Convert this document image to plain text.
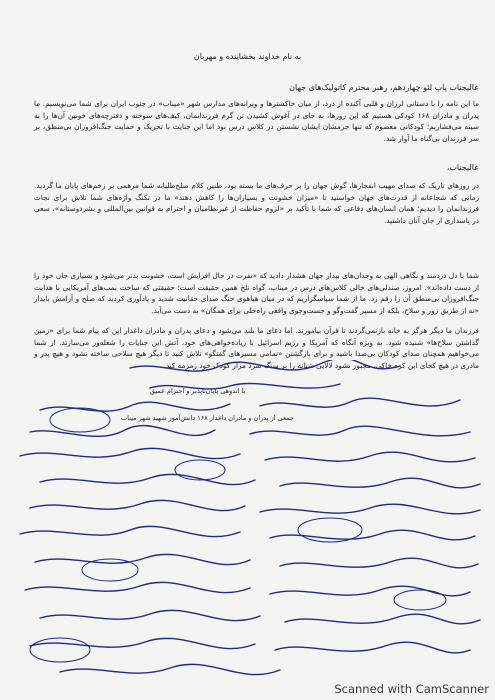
به نام خداوند بخشاینده و مهربان
عالیجناب پاپ لئو چهاردهم، رهبر محترم کاتولیک‌های جهان
ما این نامه را با دستانی لرزان و قلبی آکنده از درد، از میان خاکسترها و ویرانه‌های مدارس شهر «میناب» در جنوب ایران برای شما می‌نویسیم. ما پدران و مادران ۱۶۸ کودکی هستیم که این روزها، به جای در آغوش کشیدن تن گرم فرزندانمان، کیف‌های سوخته و دفترچه‌های خونین آن‌ها را به سینه می‌فشاریم؛ کودکانی معصوم که تنها جرمشان ایشان نشستن در کلاس درس بود اما این جنایت با تحریک و حمایت جنگ‌افروزان بی‌منطق، بر سر فرزندان بی‌گناه ما آوار شد.
عالیجناب،
در روزهای تاریک که صدای مهیب انفجارها، گوش جهان را بر حرف‌های ما بسته بود، طنین کلام صلح‌طلبانه شما مرهمی بر زخم‌های پایان ما گردید. زمانی که شجاعانه از قدرت‌های جهان خواستید تا «میزان خشونت و بسیاران‌ها را کاهش دهند» ما در تکنگ واژه‌های شما تلاش برای نجات فرزندانمان را دیدیم؛ همان انسان‌های دفاعی که شما با تأکید بر «لزوم حفاظت از غیرنظامیان و احترام به قوانین بین‌المللی و بشردوستانه»، سعی در پاسداری از جان آنان داشتید.
شما با دل دردمند و نگاهی الهی به وجدان‌های بیدار جهان هشدار دادید که «نفرت در حال افزایش است، خشونت بدتر می‌شود و بسیاری جان خود را از دست داده‌اند». امروز، صندلی‌های خالی کلاس‌های درس در میناب، گواه تلخ همین حقیقت است؛ حقیقتی که ساخت بمب‌های آمریکایی با هدایت جنگ‌افروزان بی‌منطق آن را رقم زد. ما از شما سپاسگزاریم که در میان هیاهوی جنگ صدای حقانیت شدید و یادآوری کردید که صلح و آرامش بایدار «نه از طریق زور و سلاح، بلکه از مسیر گفت‌وگو و جست‌وجوی واقعی راه‌حلی برای همگان» به دست می‌آید.
فرزندان ما دیگر هرگز به خانه بازنمی‌گردند تا قرآن بیاموزند. اما دعای ما بلند می‌شود و دعای پدران و مادران داغدار این که پیام شما برای «زمین گذاشتن سلاح‌ها» شنیده شود. به ویژه آنگاه که آمریکا و رژیم اسرائیل با زیاده‌خواهی‌های خود، آتش این جنایات را شعله‌ور می‌سازند. از شما می‌خواهیم همچنان صدای کودکان بی‌صدا باشید و برای بازگشتن «تمامی مسیرهای گفتگو» تلاش کنید تا دیگر هیچ سلاحی ساخته نشود و هیچ پدر و مادری در هیچ کجای این کره خاکی، مجبور نشود لالایی شبانه را بر سنگ سرد مزار کودک خود زمزمه کند.
با اندوهی پایان‌ناپذیر و احترام عمیق
جمعی از پدران و مادران داغدار ۱۶۸ دانش‌آموز شهید شهر میناب
Scanned with CamScanner
